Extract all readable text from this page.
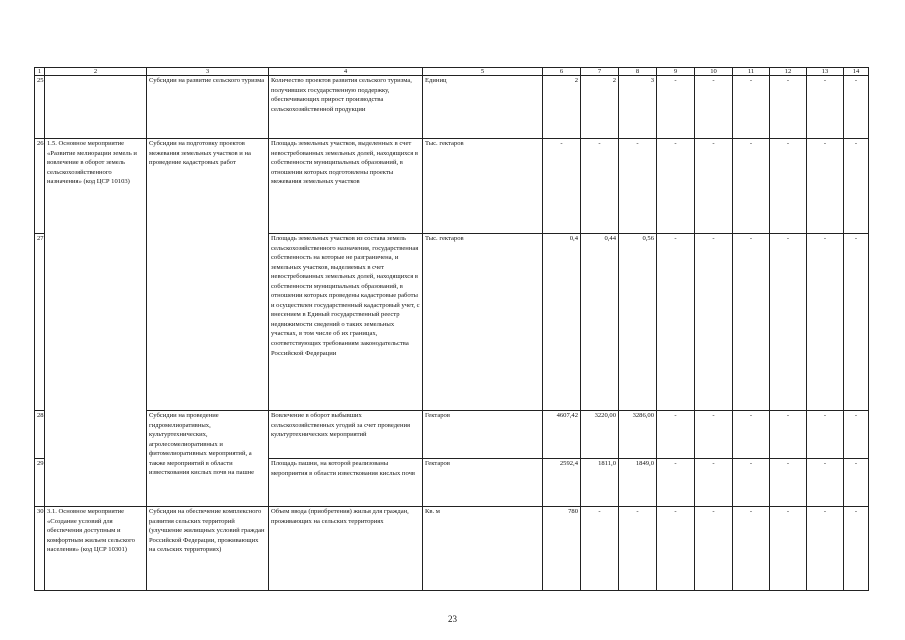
1	2	3	4	5	6	7	8	9	10	11	12	13	14
25		Субсидии на развитие сельского туризма	Количество проектов развития сельского туризма, получивших государственную поддержку, обеспечивающих прирост производства сельскохозяйственной продукции	Единиц	2	2	3	-	-	-	-	-	-
26	1.5. Основное мероприятие «Развитие мелиорации земель и вовлечение в оборот земель сельскохозяйственного назначения» (код ЦСР 10103)	Субсидии на подготовку проектов межевания земельных участков и на проведение кадастровых работ	Площадь земельных участков, выделенных в счет невостребованных земельных долей, находящихся в собственности муниципальных образований, в отношении которых подготовлены проекты межевания земельных участков	Тыс. гектаров	-	-	-	-	-	-	-	-	-
27			Площадь земельных участков из состава земель сельскохозяйственного назначения, государственная собственность на которые не разграничена, и земельных участков, выделяемых в счет невостребованных земельных долей, находящихся в собственности муниципальных образований, в отношении которых проведены кадастровые работы и осуществлен государственный кадастровый учет, с внесением в Единый государственный реестр недвижимости сведений о таких земельных участках, в том числе об их границах, соответствующих требованиям законодательства Российской Федерации	Тыс. гектаров	0,4	0,44	0,56	-	-	-	-	-	-
28		Субсидии на проведение гидромелиоративных, культуртехнических, агролесомелиоративных и фитомелиоративных мероприятий, а также мероприятий в области известкования кислых почв на пашне	Вовлечение в оборот выбывших сельскохозяйственных угодий за счет проведения культуртехнических мероприятий	Гектаров	4607,42	3220,00	3286,00	-	-	-	-	-	-
29			Площадь пашни, на которой реализованы мероприятия в области известкования кислых почв	Гектаров	2592,4	1811,0	1849,0	-	-	-	-	-	-
30	3.1. Основное мероприятие «Создание условий для обеспечения доступным и комфортным жильем сельского населения» (код ЦСР 10301)	Субсидия на обеспечение комплексного развития сельских территорий (улучшение жилищных условий граждан Российской Федерации, проживающих на сельских территориях)	Объем ввода (приобретения) жилья для граждан, проживающих на сельских территориях	Кв. м	780	-	-	-	-	-	-	-	-
23
